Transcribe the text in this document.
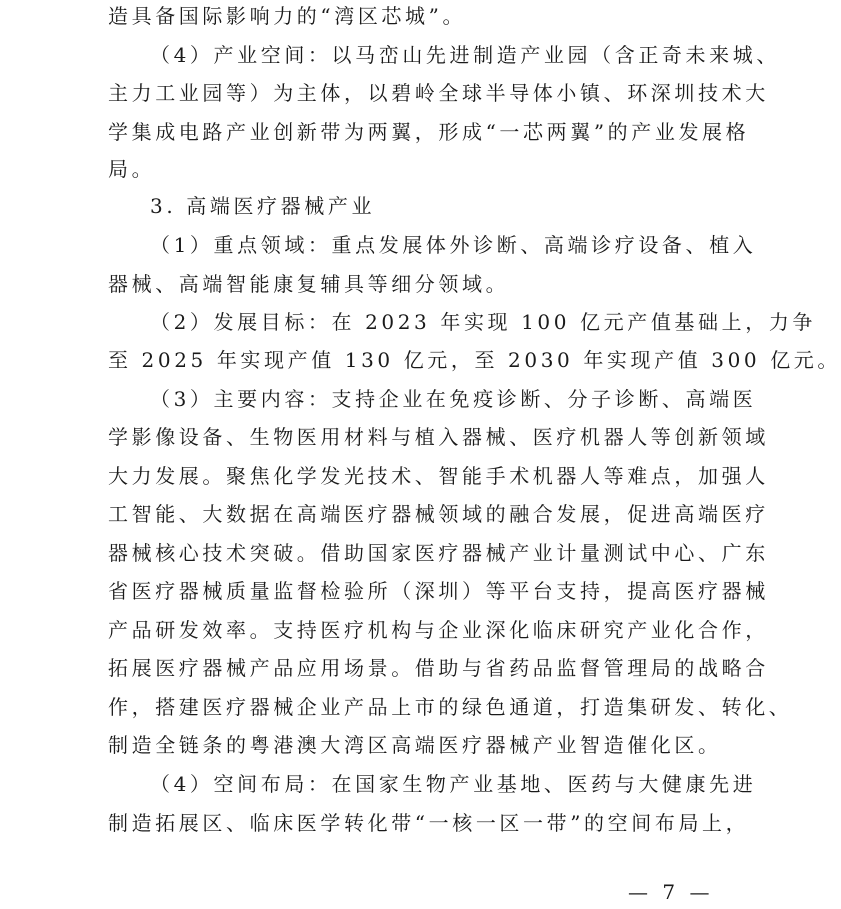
造具备国际影响力的“湾区芯城”。
（4）产业空间：以马峦山先进制造产业园（含正奇未来城、
主力工业园等）为主体，以碧岭全球半导体小镇、环深圳技术大
学集成电路产业创新带为两翼，形成“一芯两翼”的产业发展格
局。
3. 高端医疗器械产业
（1）重点领域：重点发展体外诊断、高端诊疗设备、植入
器械、高端智能康复辅具等细分领域。
（2）发展目标：在 2023 年实现 100 亿元产值基础上，力争
至 2025 年实现产值 130 亿元，至 2030 年实现产值 300 亿元。
（3）主要内容：支持企业在免疫诊断、分子诊断、高端医
学影像设备、生物医用材料与植入器械、医疗机器人等创新领域
大力发展。聚焦化学发光技术、智能手术机器人等难点，加强人
工智能、大数据在高端医疗器械领域的融合发展，促进高端医疗
器械核心技术突破。借助国家医疗器械产业计量测试中心、广东
省医疗器械质量监督检验所（深圳）等平台支持，提高医疗器械
产品研发效率。支持医疗机构与企业深化临床研究产业化合作，
拓展医疗器械产品应用场景。借助与省药品监督管理局的战略合
作，搭建医疗器械企业产品上市的绿色通道，打造集研发、转化、
制造全链条的粤港澳大湾区高端医疗器械产业智造催化区。
（4）空间布局：在国家生物产业基地、医药与大健康先进
制造拓展区、临床医学转化带“一核一区一带”的空间布局上，
— 7 —
